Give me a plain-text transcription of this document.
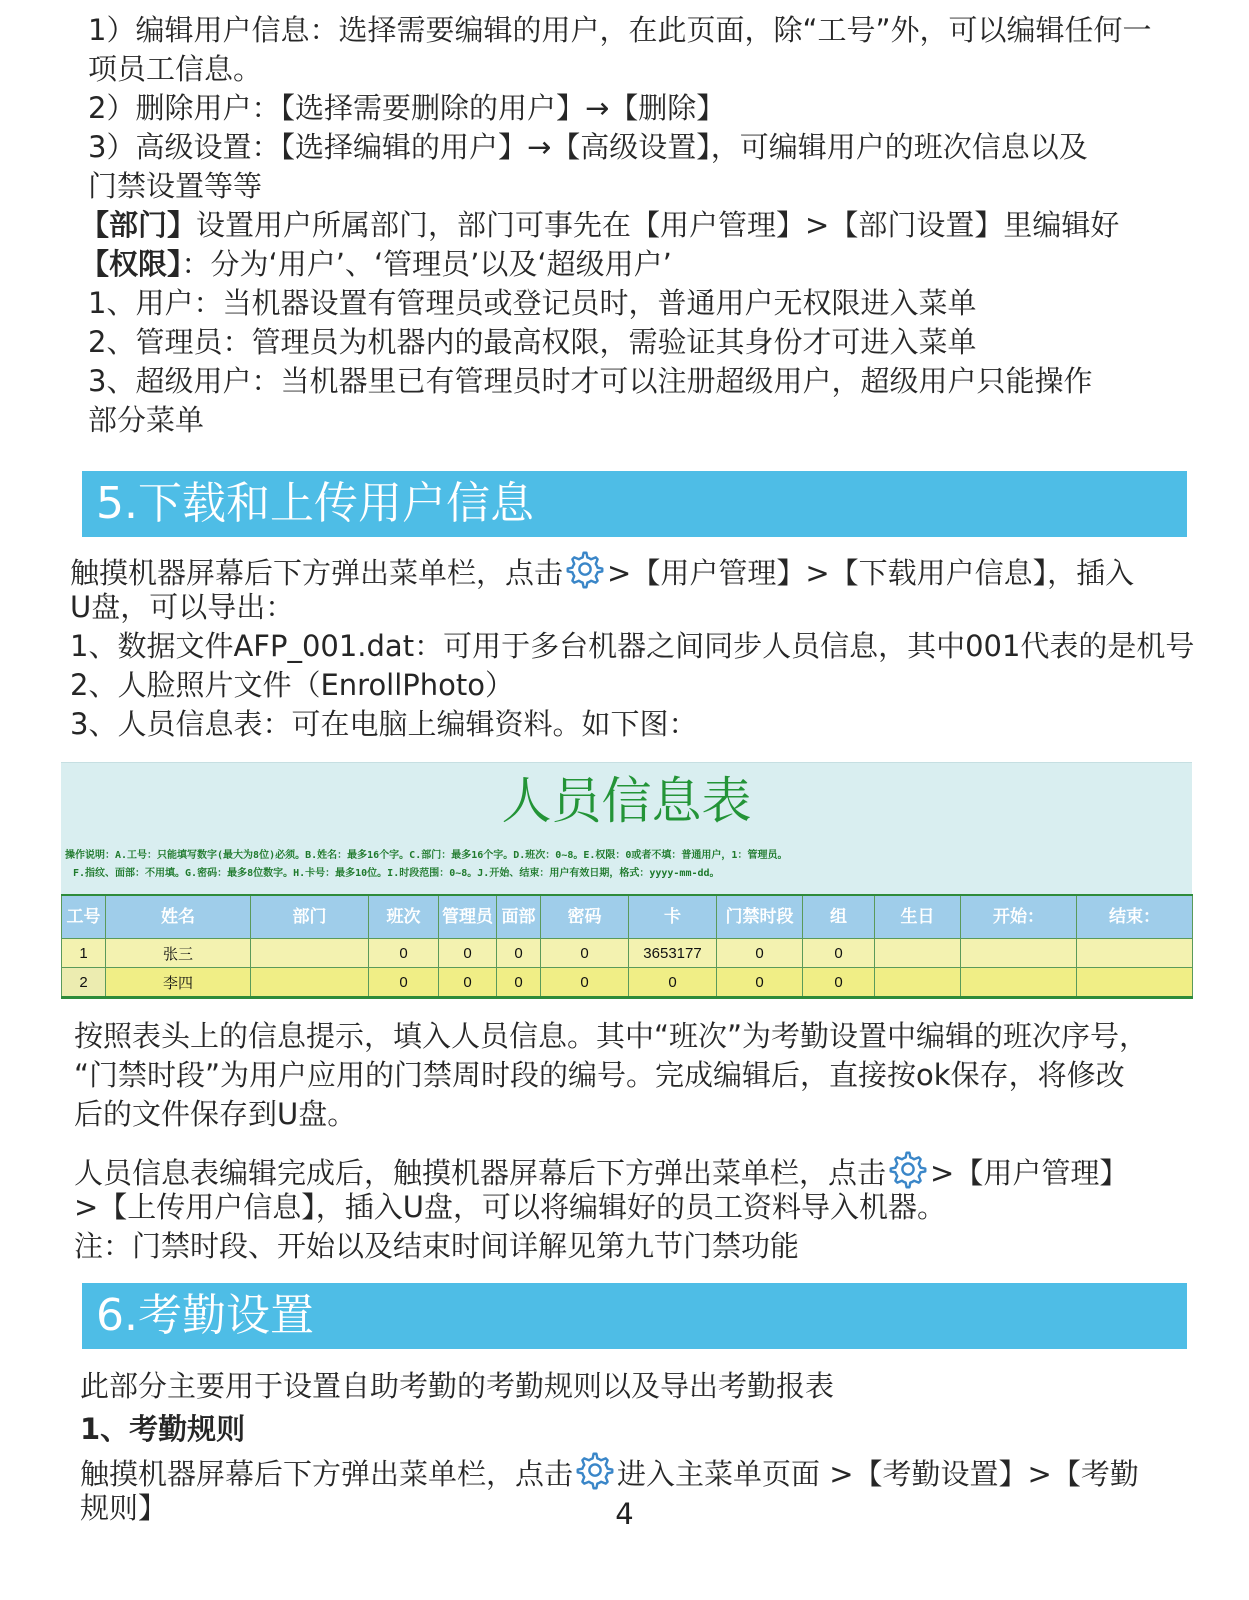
1）编辑用户信息：选择需要编辑的用户，在此页面，除“工号”外，可以编辑任何一
项员工信息。
2）删除用户：【选择需要删除的用户】→【删除】
3）高级设置：【选择编辑的用户】→【高级设置】，可编辑用户的班次信息以及
门禁设置等等
【部门】设置用户所属部门，部门可事先在【用户管理】>【部门设置】里编辑好
【权限】：分为‘用户’、‘管理员’以及‘超级用户’
1、用户：当机器设置有管理员或登记员时，普通用户无权限进入菜单
2、管理员：管理员为机器内的最高权限，需验证其身份才可进入菜单
3、超级用户：当机器里已有管理员时才可以注册超级用户，超级用户只能操作
部分菜单
5.下载和上传用户信息
触摸机器屏幕后下方弹出菜单栏，点击 >【用户管理】>【下载用户信息】，插入
U盘，可以导出：
1、数据文件AFP_001.dat：可用于多台机器之间同步人员信息，其中001代表的是机号
2、人脸照片文件（EnrollPhoto）
3、人员信息表：可在电脑上编辑资料。如下图：
人员信息表
操作说明：A.工号：只能填写数字(最大为8位)必须。B.姓名：最多16个字。C.部门：最多16个字。D.班次：0~8。E.权限：0或者不填：普通用户，1：管理员。
F.指纹、面部：不用填。G.密码：最多8位数字。H.卡号：最多10位。I.时段范围：0~8。J.开始、结束：用户有效日期，格式：yyyy-mm-dd。
工号	姓名	部门	班次	管理员	面部	密码	卡	门禁时段	组	生日	开始：	结束：
1	张三		0	0	0	0	3653177	0	0			
2	李四		0	0	0	0	0	0	0			
按照表头上的信息提示，填入人员信息。其中“班次”为考勤设置中编辑的班次序号，
“门禁时段”为用户应用的门禁周时段的编号。完成编辑后，直接按ok保存，将修改
后的文件保存到U盘。
人员信息表编辑完成后，触摸机器屏幕后下方弹出菜单栏，点击 >【用户管理】
>【上传用户信息】，插入U盘，可以将编辑好的员工资料导入机器。
注：门禁时段、开始以及结束时间详解见第九节门禁功能
6.考勤设置
此部分主要用于设置自助考勤的考勤规则以及导出考勤报表
1、考勤规则
触摸机器屏幕后下方弹出菜单栏，点击 进入主菜单页面 >【考勤设置】>【考勤
规则】	4
